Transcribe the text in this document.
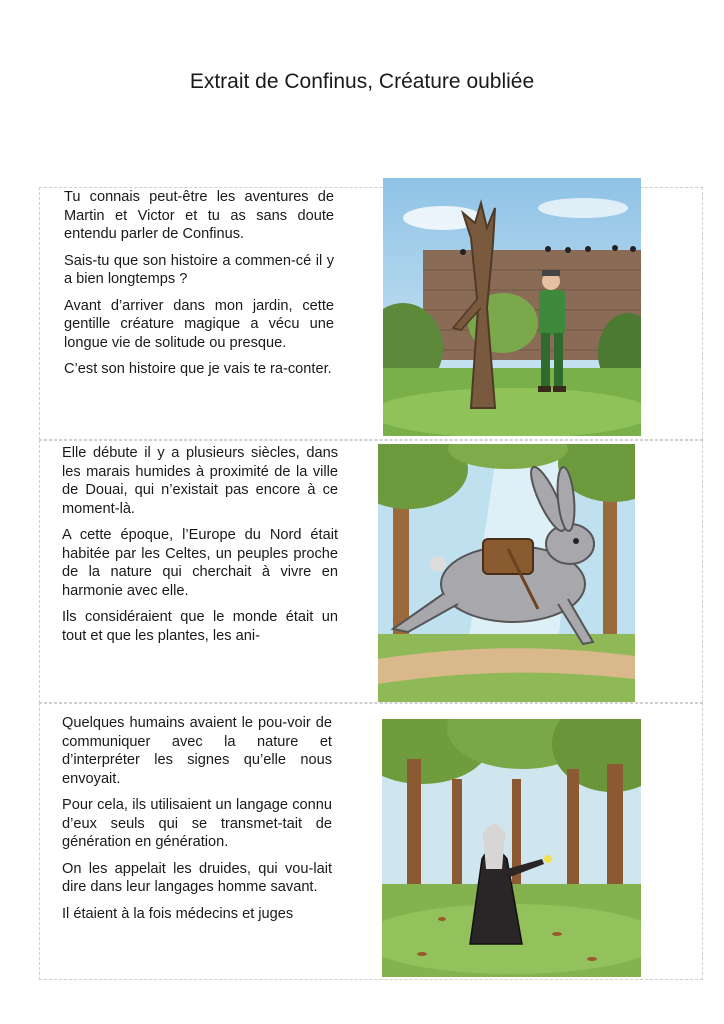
Extrait de Confinus, Créature oubliée

Tu connais peut-être les aventures de Martin et Victor et tu as sans doute entendu parler de Confinus.

Sais-tu que son histoire a commen-cé il y a bien longtemps ?

Avant d’arriver dans mon jardin, cette gentille créature magique a vécu une longue vie de solitude ou presque.

C’est son histoire que je vais te ra-conter.

Elle débute il y a plusieurs siècles, dans les marais humides à proximité de la ville de Douai, qui n’existait pas encore à ce moment-là.

A cette époque, l’Europe du Nord était habitée par les Celtes, un peuples proche de la nature qui cherchait à vivre en harmonie avec elle.

Ils considéraient que le monde était un tout et que les plantes, les ani-

Quelques humains avaient le pou-voir de communiquer avec la nature et d’interpréter les signes qu’elle nous envoyait.

Pour cela, ils utilisaient un langage connu d’eux seuls qui se transmet-tait de génération en génération.

On les appelait les druides, qui vou-lait dire dans leur langages homme savant.

Il étaient à la fois médecins et juges
